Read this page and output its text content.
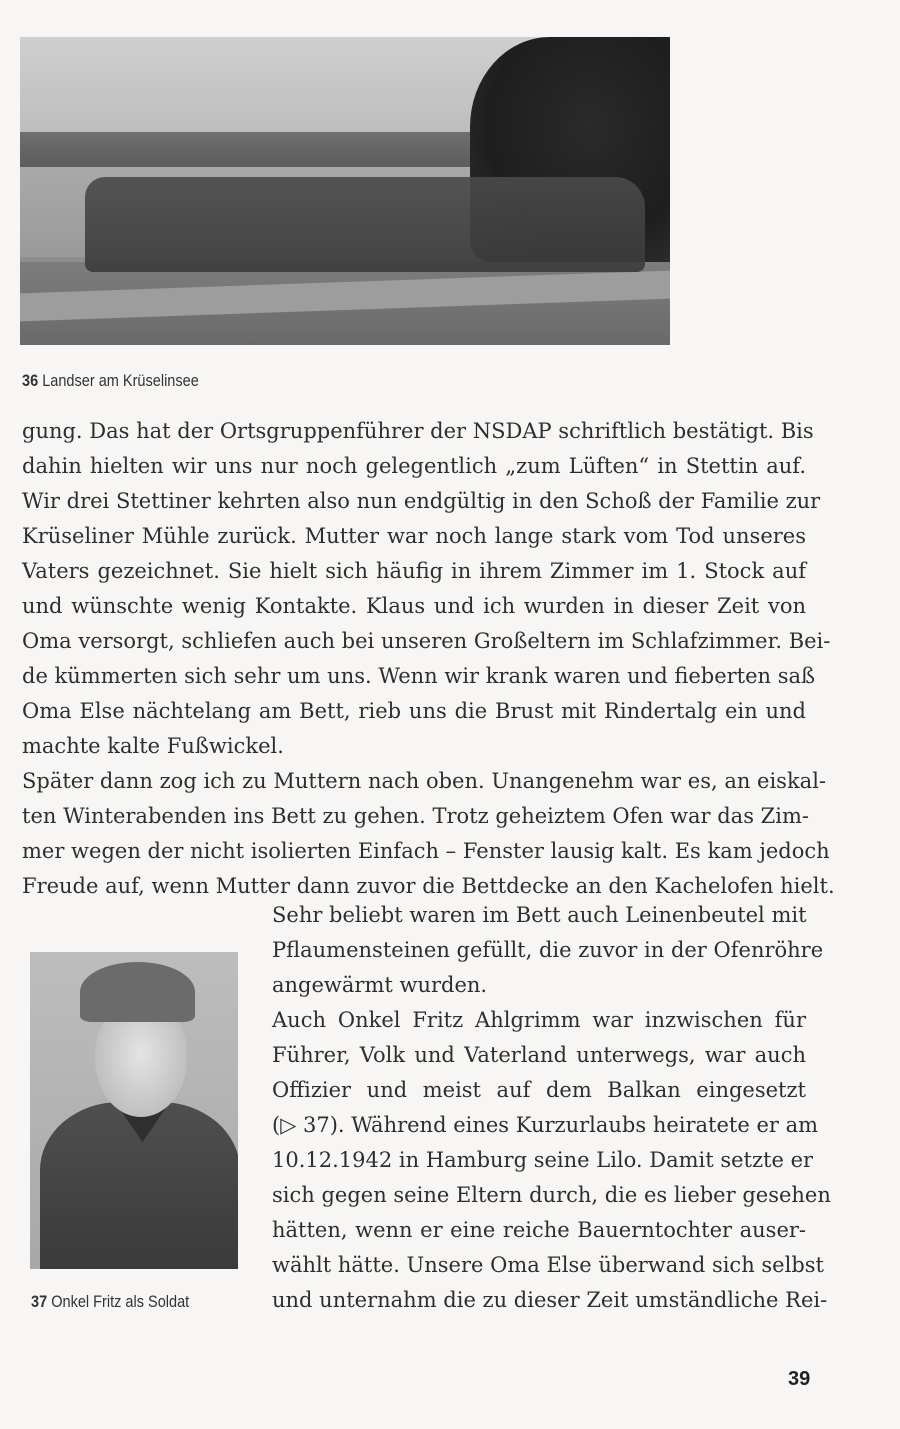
36 Landser am Krüselinsee
gung. Das hat der Ortsgruppenführer der NSDAP schriftlich bestätigt. Bis
dahin hielten wir uns nur noch gelegentlich „zum Lüften“ in Stettin auf.
Wir drei Stettiner kehrten also nun endgültig in den Schoß der Familie zur
Krüseliner Mühle zurück. Mutter war noch lange stark vom Tod unseres
Vaters gezeichnet. Sie hielt sich häufig in ihrem Zimmer im 1. Stock auf
und wünschte wenig Kontakte. Klaus und ich wurden in dieser Zeit von
Oma versorgt, schliefen auch bei unseren Großeltern im Schlafzimmer. Bei-
de kümmerten sich sehr um uns. Wenn wir krank waren und fieberten saß
Oma Else nächtelang am Bett, rieb uns die Brust mit Rindertalg ein und
machte kalte Fußwickel.
Später dann zog ich zu Muttern nach oben. Unangenehm war es, an eiskal-
ten Winterabenden ins Bett zu gehen. Trotz geheiztem Ofen war das Zim-
mer wegen der nicht isolierten Einfach – Fenster lausig kalt. Es kam jedoch
Freude auf, wenn Mutter dann zuvor die Bettdecke an den Kachelofen hielt.
37 Onkel Fritz als Soldat
Sehr beliebt waren im Bett auch Leinenbeutel mit
Pflaumensteinen gefüllt, die zuvor in der Ofenröhre
angewärmt wurden.
Auch Onkel Fritz Ahlgrimm war inzwischen für
Führer, Volk und Vaterland unterwegs, war auch
Offizier und meist auf dem Balkan eingesetzt
(▷ 37). Während eines Kurzurlaubs heiratete er am
10.12.1942 in Hamburg seine Lilo. Damit setzte er
sich gegen seine Eltern durch, die es lieber gesehen
hätten, wenn er eine reiche Bauerntochter auser-
wählt hätte. Unsere Oma Else überwand sich selbst
und unternahm die zu dieser Zeit umständliche Rei-
39
